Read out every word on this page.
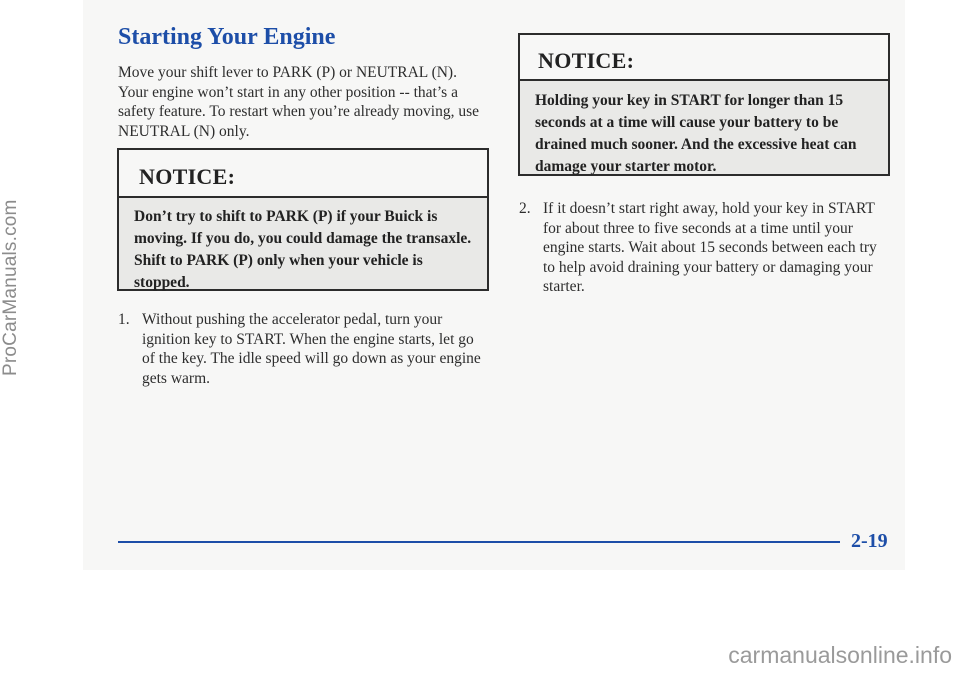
ProCarManuals.com
Starting Your Engine

Move your shift lever to PARK (P) or NEUTRAL (N). Your engine won’t start in any other position -- that’s a safety feature. To restart when you’re already moving, use NEUTRAL (N) only.

NOTICE:
Don’t try to shift to PARK (P) if your Buick is moving. If you do, you could damage the transaxle. Shift to PARK (P) only when your vehicle is stopped.
1. Without pushing the accelerator pedal, turn your ignition key to START. When the engine starts, let go of the key. The idle speed will go down as your engine gets warm.
NOTICE:
Holding your key in START for longer than 15 seconds at a time will cause your battery to be drained much sooner. And the excessive heat can damage your starter motor.
2. If it doesn’t start right away, hold your key in START for about three to five seconds at a time until your engine starts. Wait about 15 seconds between each try to help avoid draining your battery or damaging your starter.
2-19
carmanualsonline.info
